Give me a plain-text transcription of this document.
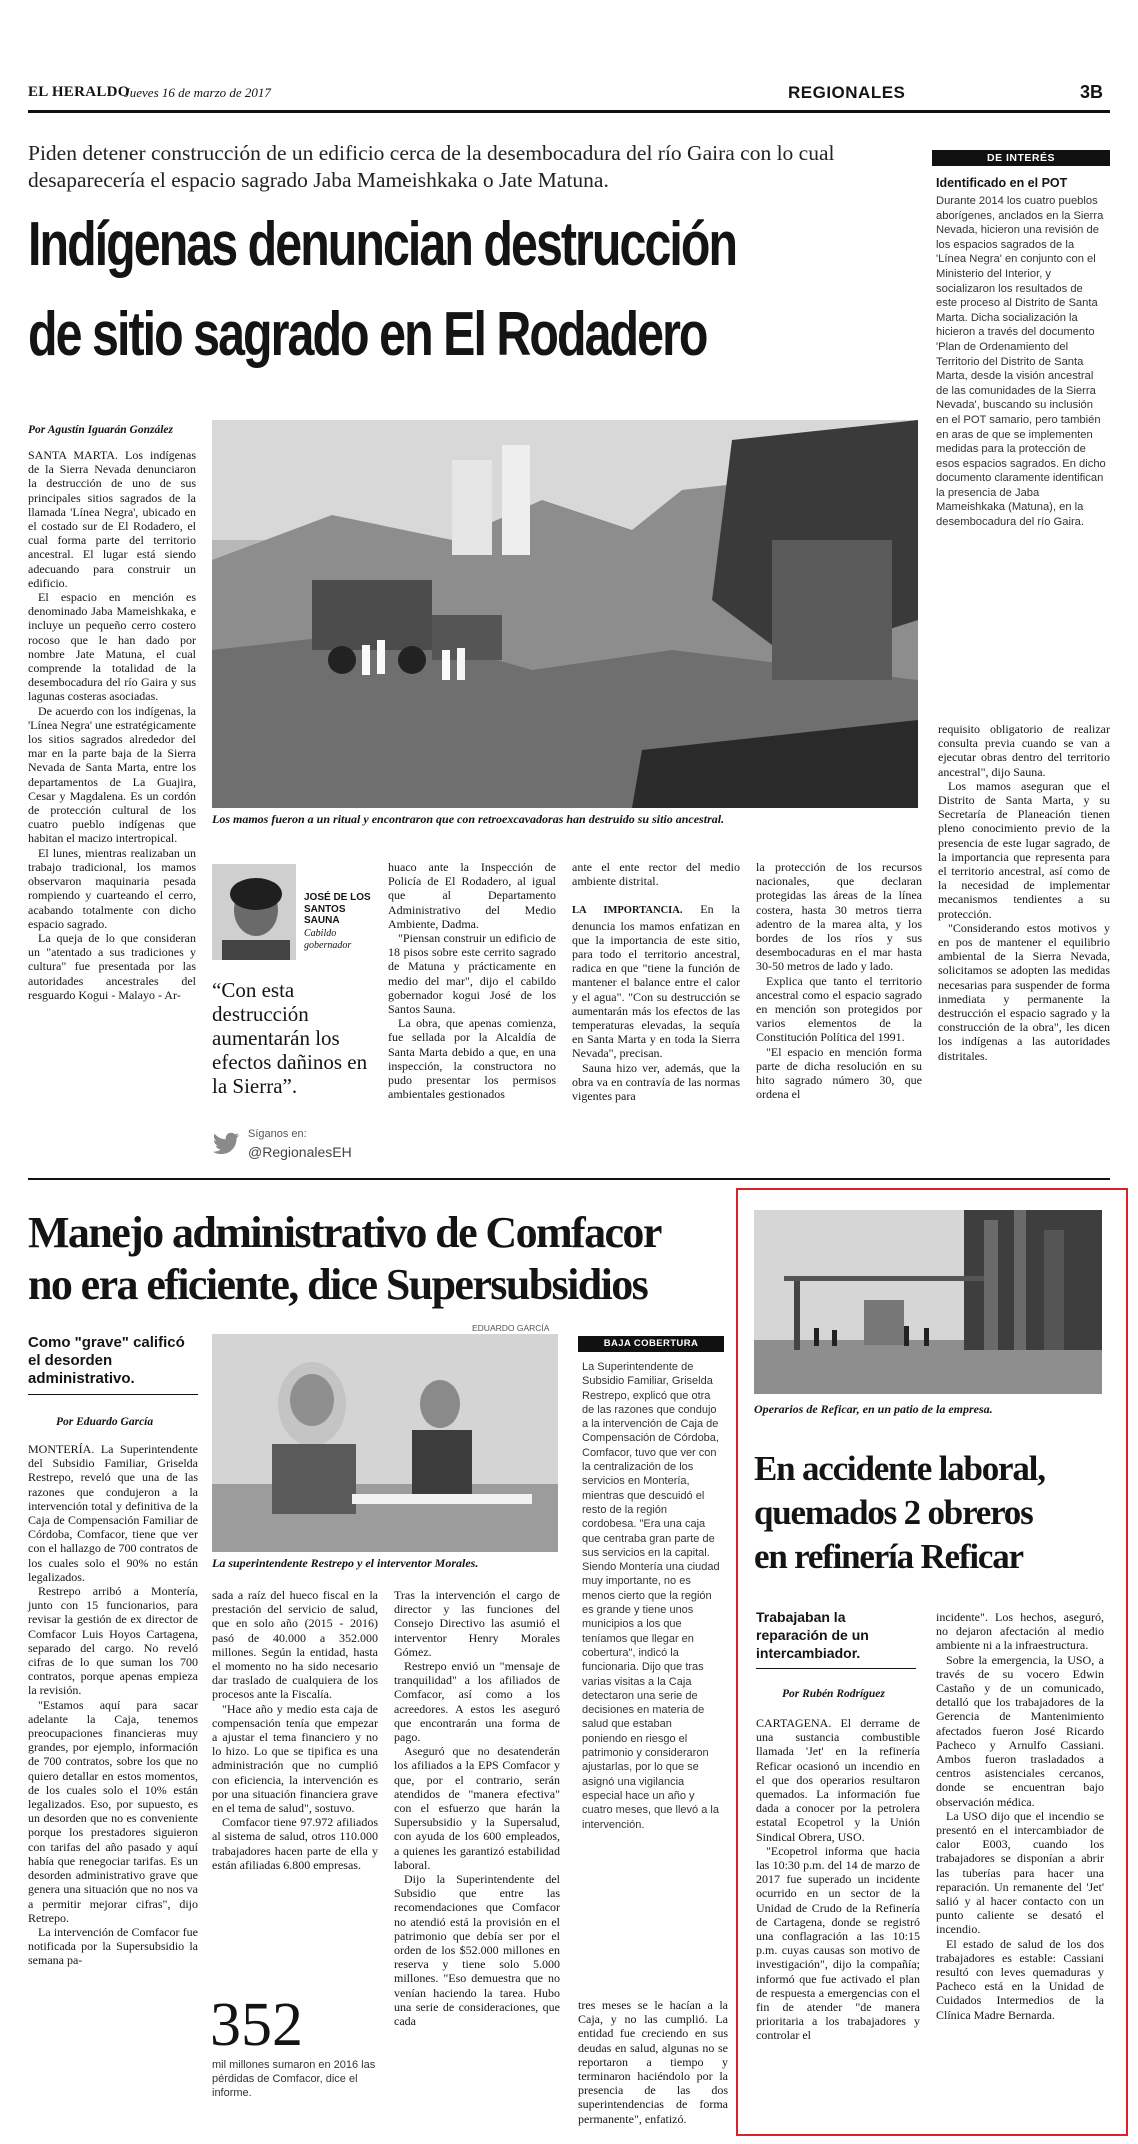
EL HERALDO
Jueves 16 de marzo de 2017	REGIONALES	3B
Piden detener construcción de un edificio cerca de la desembocadura del río Gaira con lo cual desaparecería el espacio sagrado Jaba Mameishkaka o Jate Matuna.
Indígenas denuncian destrucción
de sitio sagrado en El Rodadero
DE INTERÉS
Identificado en el POT
Durante 2014 los cuatro pueblos aborígenes, anclados en la Sierra Nevada, hicieron una revisión de los espacios sagrados de la 'Línea Negra' en conjunto con el Ministerio del Interior, y socializaron los resultados de este proceso al Distrito de Santa Marta. Dicha socialización la hicieron a través del documento 'Plan de Ordenamiento del Territorio del Distrito de Santa Marta, desde la visión ancestral de las comunidades de la Sierra Nevada', buscando su inclusión en el POT samario, pero también en aras de que se implementen medidas para la protección de esos espacios sagrados. En dicho documento claramente identifican la presencia de Jaba Mameishkaka (Matuna), en la desembocadura del río Gaira.
Por Agustín Iguarán González
Los mamos fueron a un ritual y encontraron que con retroexcavadoras han destruido su sitio ancestral.

SANTA MARTA. Los indígenas de la Sierra Nevada denunciaron la destrucción de uno de sus principales sitios sagrados de la llamada 'Línea Negra', ubicado en el costado sur de El Rodadero, el cual forma parte del territorio ancestral. El lugar está siendo adecuando para construir un edificio.

El espacio en mención es denominado Jaba Mameishkaka, e incluye un pequeño cerro costero rocoso que le han dado por nombre Jate Matuna, el cual comprende la totalidad de la desembocadura del río Gaira y sus lagunas costeras asociadas.

De acuerdo con los indígenas, la 'Línea Negra' une estratégicamente los sitios sagrados alrededor del mar en la parte baja de la Sierra Nevada de Santa Marta, entre los departamentos de La Guajira, Cesar y Magdalena. Es un cordón de protección cultural de los cuatro pueblo indígenas que habitan el macizo intertropical.

El lunes, mientras realizaban un trabajo tradicional, los mamos observaron maquinaria pesada rompiendo y cuarteando el cerro, acabando totalmente con dicho espacio sagrado.

La queja de lo que consideran un "atentado a sus tradiciones y cultura" fue presentada por las autoridades ancestrales del resguardo Kogui - Malayo - Ar-

JOSÉ DE LOS SANTOS SAUNA
Cabildo gobernador
“Con esta destrucción aumentarán los efectos dañinos en la Sierra”.
Síganos en:
@RegionalesEH

huaco ante la Inspección de Policía de El Rodadero, al igual que al Departamento Administrativo del Medio Ambiente, Dadma.

"Piensan construir un edificio de 18 pisos sobre este cerrito sagrado de Matuna y prácticamente en medio del mar", dijo el cabildo gobernador kogui José de los Santos Sauna.

La obra, que apenas comienza, fue sellada por la Alcaldía de Santa Marta debido a que, en una inspección, la constructora no pudo presentar los permisos ambientales gestionados

ante el ente rector del medio ambiente distrital.

LA IMPORTANCIA. En la denuncia los mamos enfatizan en que la importancia de este sitio, para todo el territorio ancestral, radica en que "tiene la función de mantener el balance entre el calor y el agua". "Con su destrucción se aumentarán más los efectos de las temperaturas elevadas, la sequía en Santa Marta y en toda la Sierra Nevada", precisan.

Sauna hizo ver, además, que la obra va en contravía de las normas vigentes para

la protección de los recursos nacionales, que declaran protegidas las áreas de la línea costera, hasta 30 metros tierra adentro de la marea alta, y los bordes de los ríos y sus desembocaduras en el mar hasta 30-50 metros de lado y lado.

Explica que tanto el territorio ancestral como el espacio sagrado en mención son protegidos por varios elementos de la Constitución Política del 1991.

"El espacio en mención forma parte de dicha resolución en su hito sagrado número 30, que ordena el

requisito obligatorio de realizar consulta previa cuando se van a ejecutar obras dentro del territorio ancestral", dijo Sauna.

Los mamos aseguran que el Distrito de Santa Marta, y su Secretaría de Planeación tienen pleno conocimiento previo de la presencia de este lugar sagrado, de la importancia que representa para el territorio ancestral, así como de la necesidad de implementar mecanismos tendientes a su protección.

"Considerando estos motivos y en pos de mantener el equilibrio ambiental de la Sierra Nevada, solicitamos se adopten las medidas necesarias para suspender de forma inmediata y permanente la destrucción el espacio sagrado y la construcción de la obra", les dicen los indígenas a las autoridades distritales.

Manejo administrativo de Comfacor
no era eficiente, dice Supersubsidios
Como "grave" calificó el desorden administrativo.
Por Eduardo García
EDUARDO GARCÍA
La superintendente Restrepo y el interventor Morales.
BAJA COBERTURA
La Superintendente de Subsidio Familiar, Griselda Restrepo, explicó que otra de las razones que condujo a la intervención de Caja de Compensación de Córdoba, Comfacor, tuvo que ver con la centralización de los servicios en Montería, mientras que descuidó el resto de la región cordobesa. "Era una caja que centraba gran parte de sus servicios en la capital. Siendo Montería una ciudad muy importante, no es menos cierto que la región es grande y tiene unos municipios a los que teníamos que llegar en cobertura", indicó la funcionaria. Dijo que tras varias visitas a la Caja detectaron una serie de decisiones en materia de salud que estaban poniendo en riesgo el patrimonio y consideraron ajustarlas, por lo que se asignó una vigilancia especial hace un año y cuatro meses, que llevó a la intervención.

MONTERÍA. La Superintendente del Subsidio Familiar, Griselda Restrepo, reveló que una de las razones que condujeron a la intervención total y definitiva de la Caja de Compensación Familiar de Córdoba, Comfacor, tiene que ver con el hallazgo de 700 contratos de los cuales solo el 90% no están legalizados.

Restrepo arribó a Montería, junto con 15 funcionarios, para revisar la gestión de ex director de Comfacor Luis Hoyos Cartagena, separado del cargo. No reveló cifras de lo que suman los 700 contratos, porque apenas empieza la revisión.

"Estamos aquí para sacar adelante la Caja, tenemos preocupaciones financieras muy grandes, por ejemplo, información de 700 contratos, sobre los que no quiero detallar en estos momentos, de los cuales solo el 10% están legalizados. Eso, por supuesto, es un desorden que no es conveniente porque los prestadores siguieron con tarifas del año pasado y aquí había que renegociar tarifas. Es un desorden administrativo grave que genera una situación que no nos va a permitir mejorar cifras", dijo Retrepo.

La intervención de Comfacor fue notificada por la Supersubsidio la semana pa-

sada a raíz del hueco fiscal en la prestación del servicio de salud, que en solo año (2015 - 2016) pasó de 40.000 a 352.000 millones. Según la entidad, hasta el momento no ha sido necesario dar traslado de cualquiera de los procesos ante la Fiscalía.

"Hace año y medio esta caja de compensación tenía que empezar a ajustar el tema financiero y no lo hizo. Lo que se tipifica es una administración que no cumplió con eficiencia, la intervención es por una situación financiera grave en el tema de salud", sostuvo.

Comfacor tiene 97.972 afiliados al sistema de salud, otros 110.000 trabajadores hacen parte de ella y están afiliadas 6.800 empresas.

352
mil millones sumaron en 2016 las pérdidas de Comfacor, dice el informe.

Tras la intervención el cargo de director y las funciones del Consejo Directivo las asumió el interventor Henry Morales Gómez.

Restrepo envió un "mensaje de tranquilidad" a los afiliados de Comfacor, así como a los acreedores. A estos les aseguró que encontrarán una forma de pago.

Aseguró que no desatenderán los afiliados a la EPS Comfacor y que, por el contrario, serán atendidos de "manera efectiva" con el esfuerzo que harán la Supersubsidio y la Supersalud, con ayuda de los 600 empleados, a quienes les garantizó estabilidad laboral.

Dijo la Superintendente del Subsidio que entre las recomendaciones que Comfacor no atendió está la provisión en el patrimonio que debía ser por el orden de los $52.000 millones en reserva y tiene solo 5.000 millones. "Eso demuestra que no venían haciendo la tarea. Hubo una serie de consideraciones, que cada

tres meses se le hacían a la Caja, y no las cumplió. La entidad fue creciendo en sus deudas en salud, algunas no se reportaron a tiempo y terminaron haciéndolo por la presencia de las dos superintendencias de forma permanente", enfatizó.

Operarios de Reficar, en un patio de la empresa.
En accidente laboral,
quemados 2 obreros
en refinería Reficar
Trabajaban la reparación de un intercambiador.
Por Rubén Rodríguez

CARTAGENA. El derrame de una sustancia combustible llamada 'Jet' en la refinería Reficar ocasionó un incendio en el que dos operarios resultaron quemados. La información fue dada a conocer por la petrolera estatal Ecopetrol y la Unión Sindical Obrera, USO.

"Ecopetrol informa que hacia las 10:30 p.m. del 14 de marzo de 2017 fue superado un incidente ocurrido en un sector de la Unidad de Crudo de la Refinería de Cartagena, donde se registró una conflagración a las 10:15 p.m. cuyas causas son motivo de investigación", dijo la compañía; informó que fue activado el plan de respuesta a emergencias con el fin de atender "de manera prioritaria a los trabajadores y controlar el

incidente". Los hechos, aseguró, no dejaron afectación al medio ambiente ni a la infraestructura.

Sobre la emergencia, la USO, a través de su vocero Edwin Castaño y de un comunicado, detalló que los trabajadores de la Gerencia de Mantenimiento afectados fueron José Ricardo Pacheco y Arnulfo Cassiani. Ambos fueron trasladados a centros asistenciales cercanos, donde se encuentran bajo observación médica.

La USO dijo que el incendio se presentó en el intercambiador de calor E003, cuando los trabajadores se disponían a abrir las tuberías para hacer una reparación. Un remanente del 'Jet' salió y al hacer contacto con un punto caliente se desató el incendio.

El estado de salud de los dos trabajadores es estable: Cassiani resultó con leves quemaduras y Pacheco está en la Unidad de Cuidados Intermedios de la Clínica Madre Bernarda.
